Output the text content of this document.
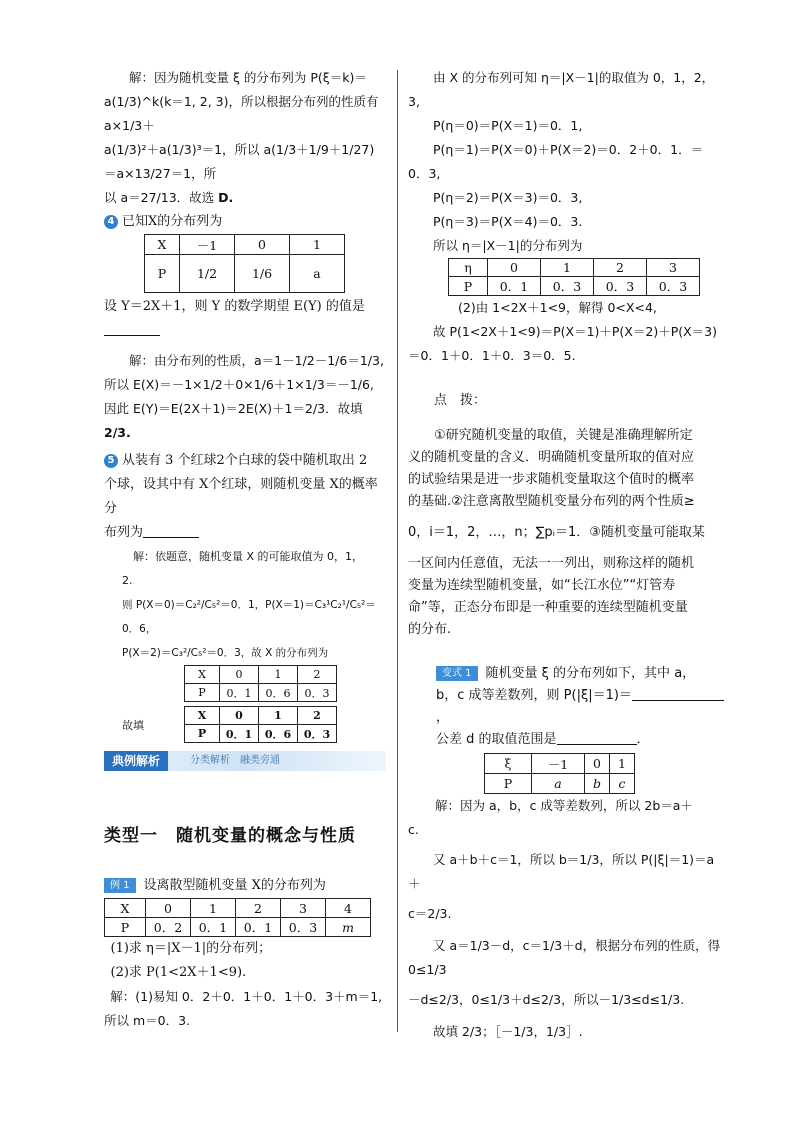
解：因为随机变量 ξ 的分布列为 P(ξ＝k)＝

a(1/3)^k(k＝1, 2, 3)，所以根据分布列的性质有 a×1/3＋

a(1/3)²＋a(1/3)³＝1，所以 a(1/3＋1/9＋1/27)＝a×13/27＝1，所

以 a＝27/13．故选 D.

4 已知X的分布列为

X	－1	0	1
P	1/2	1/6	a

设 Y＝2X＋1，则 Y 的数学期望 E(Y) 的值是

解：由分布列的性质，a＝1－1/2－1/6＝1/3,

所以 E(X)＝－1×1/2＋0×1/6＋1×1/3＝－1/6,

因此 E(Y)＝E(2X＋1)＝2E(X)＋1＝2/3．故填2/3.

5 从装有 3 个红球2个白球的袋中随机取出 2

个球，设其中有 X个红球，则随机变量 X的概率分

布列为

解：依题意，随机变量 X 的可能取值为 0，1，

2.

则 P(X＝0)＝C₂²/C₅²＝0．1，P(X＝1)＝C₃¹C₂¹/C₅²＝0．6，

P(X＝2)＝C₃²/C₅²＝0．3，故 X 的分布列为

X	0	1	2
P	0．1	0．6	0．3
故填
X	0	1	2
P	0．1	0．6	0．3
典例解析	分类解析　融类旁通
类型一　随机变量的概念与性质

例 1 设离散型随机变量 X的分布列为

X	0	1	2	3	4
P	0．2	0．1	0．1	0．3	m

(1)求 η＝|X－1|的分布列；

(2)求 P(1<2X＋1<9).

解：(1)易知 0．2＋0．1＋0．1＋0．3＋m＝1,

所以 m＝0．3.

由 X 的分布列可知 η＝|X－1|的取值为 0，1，2，

3,

P(η＝0)＝P(X＝1)＝0．1,

P(η＝1)＝P(X＝0)＋P(X＝2)＝0．2＋0．1．＝

0．3,

P(η＝2)＝P(X＝3)＝0．3,

P(η＝3)＝P(X＝4)＝0．3.

所以 η＝|X－1|的分布列为

η	0	1	2	3
P	0．1	0．3	0．3	0．3

(2)由 1<2X＋1<9，解得 0<X<4,

故 P(1<2X＋1<9)＝P(X＝1)＋P(X＝2)＋P(X＝3)

＝0．1＋0．1＋0．3＝0．5.

点　拨：

①研究随机变量的取值，关键是准确理解所定

义的随机变量的含义．明确随机变量所取的值对应

的试验结果是进一步求随机变量取这个值时的概率

的基础.②注意离散型随机变量分布列的两个性质≥

0，i＝1，2，…，n；∑pᵢ＝1．③随机变量可能取某

一区间内任意值，无法一一列出，则称这样的随机

变量为连续型随机变量，如“长江水位”“灯管寿

命”等，正态分布即是一种重要的连续型随机变量

的分布.

变式 1 随机变量 ξ 的分布列如下，其中 a，

b，c 成等差数列，则 P(|ξ|＝1)＝，

公差 d 的取值范围是	．

ξ	－1	0	1
P	a	b	c

解：因为 a，b，c 成等差数列，所以 2b＝a＋

c.

又 a＋b＋c＝1，所以 b＝1/3，所以 P(|ξ|＝1)＝a＋

c＝2/3.

又 a＝1/3－d，c＝1/3＋d，根据分布列的性质，得 0≤1/3

－d≤2/3，0≤1/3＋d≤2/3，所以－1/3≤d≤1/3.

故填 2/3；［－1/3，1/3］.
